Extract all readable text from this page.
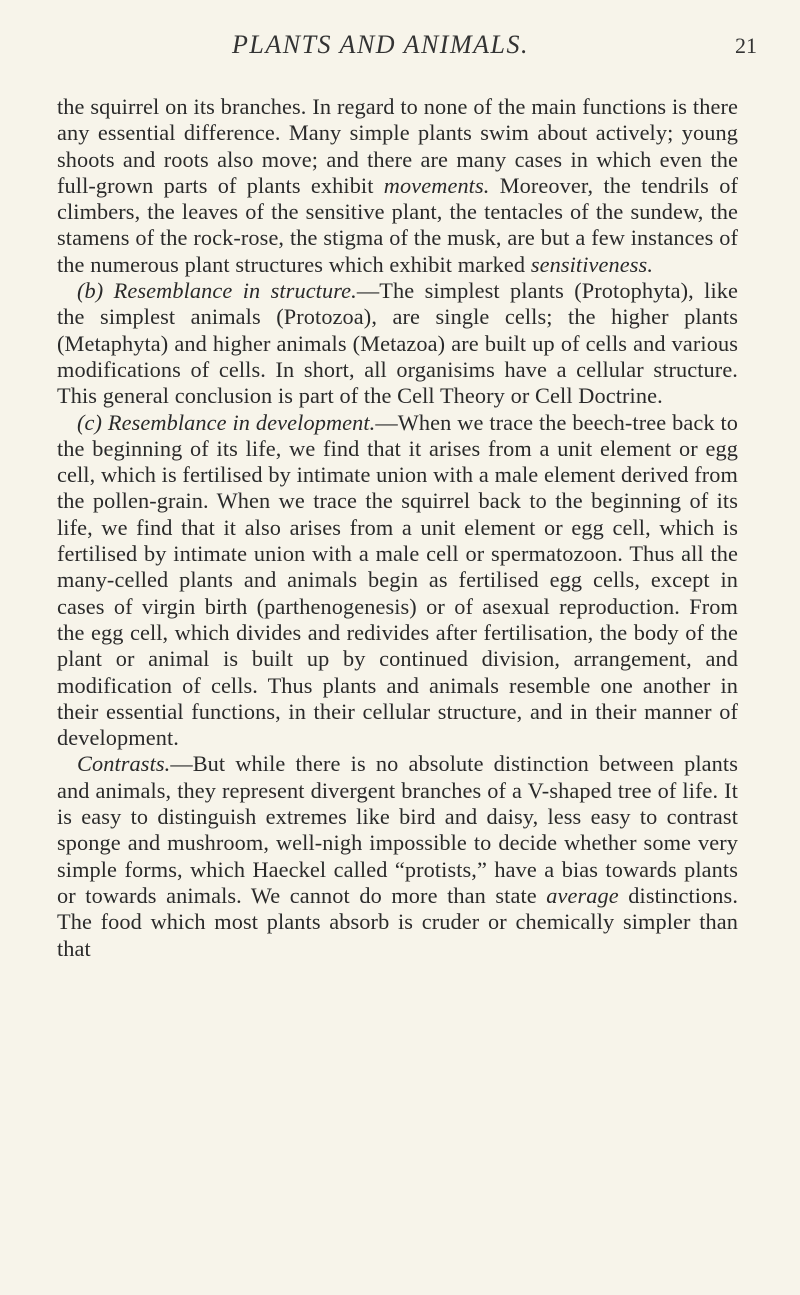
PLANTS AND ANIMALS.	21

the squirrel on its branches. In regard to none of the main functions is there any essential difference. Many simple plants swim about actively; young shoots and roots also move; and there are many cases in which even the full-grown parts of plants exhibit movements. Moreover, the tendrils of climbers, the leaves of the sensitive plant, the tentacles of the sundew, the stamens of the rock-rose, the stigma of the musk, are but a few instances of the numerous plant structures which exhibit marked sensitiveness.

(b) Resemblance in structure.—The simplest plants (Protophyta), like the simplest animals (Protozoa), are single cells; the higher plants (Metaphyta) and higher animals (Metazoa) are built up of cells and various modifications of cells. In short, all organisims have a cellular structure. This general conclusion is part of the Cell Theory or Cell Doctrine.

(c) Resemblance in development.—When we trace the beech-tree back to the beginning of its life, we find that it arises from a unit element or egg cell, which is fertilised by intimate union with a male element derived from the pollen-grain. When we trace the squirrel back to the beginning of its life, we find that it also arises from a unit element or egg cell, which is fertilised by intimate union with a male cell or spermatozoon. Thus all the many-celled plants and animals begin as fertilised egg cells, except in cases of virgin birth (parthenogenesis) or of asexual reproduction. From the egg cell, which divides and redivides after fertilisation, the body of the plant or animal is built up by continued division, arrangement, and modification of cells. Thus plants and animals resemble one another in their essential functions, in their cellular structure, and in their manner of development.

Contrasts.—But while there is no absolute distinction between plants and animals, they represent divergent branches of a V-shaped tree of life. It is easy to distinguish extremes like bird and daisy, less easy to contrast sponge and mushroom, well-nigh impossible to decide whether some very simple forms, which Haeckel called “protists,” have a bias towards plants or towards animals. We cannot do more than state average distinctions. The food which most plants absorb is cruder or chemically simpler than that
